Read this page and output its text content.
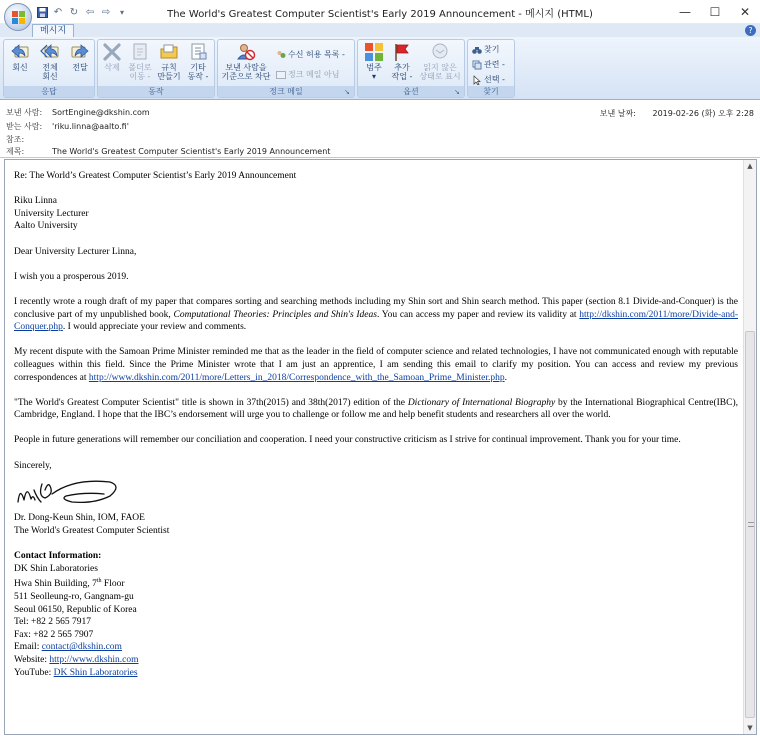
↶ ↻ ⇦ ⇨	▾	The World's Greatest Computer Scientist's Early 2019 Announcement - 메시지 (HTML)	—	☐	✕
메시지	?
회신	전체
회신
전달
응답
삭제	폴더로
이동 -
규칙
만들기
기타
동작 -
동작
보낸 사람을
기준으로 차단
수신 허용 목록 -
정크 메일 아님
정크 메일	↘
범주
▾
추가
작업 -
읽지 않은
상태로 표시
옵션	↘
찾기
관련 -
선택 -
찾기
보낸 사람:	SortEngine@dkshin.com
받는 사람:	'riku.linna@aalto.fi'
참조:
제목:	The World's Greatest Computer Scientist's Early 2019 Announcement
보낸 날짜: 2019-02-26 (화) 오후 2:28

Re: The World’s Greatest Computer Scientist’s Early 2019 Announcement

Riku Linna

University Lecturer

Aalto University

Dear University Lecturer Linna,

I wish you a prosperous 2019.

I recently wrote a rough draft of my paper that compares sorting and searching methods including my Shin sort and Shin search method. This paper (section 8.1 Divide-and-Conquer) is the conclusive part of my unpublished book, Computational Theories: Principles and Shin's Ideas. You can access my paper and review its validity at http://dkshin.com/2011/more/Divide-and-Conquer.php. I would appreciate your review and comments.

My recent dispute with the Samoan Prime Minister reminded me that as the leader in the field of computer science and related technologies, I have not communicated enough with reputable colleagues within this field. Since the Prime Minister wrote that I am just an apprentice, I am sending this email to clarify my position. You can access and review my previous correspondences at http://www.dkshin.com/2011/more/Letters_in_2018/Correspondence_with_the_Samoan_Prime_Minister.php.

"The World's Greatest Computer Scientist" title is shown in 37th(2015) and 38th(2017) edition of the Dictionary of International Biography by the International Biographical Centre(IBC), Cambridge, England. I hope that the IBC’s endorsement will urge you to challenge or follow me and help benefit students and researchers all over the world.

People in future generations will remember our conciliation and cooperation. I need your constructive criticism as I strive for continual improvement. Thank you for your time.

Sincerely,

Dr. Dong-Keun Shin, IOM, FAOE

The World's Greatest Computer Scientist

Contact Information:

DK Shin Laboratories

Hwa Shin Building, 7th Floor

511 Seolleung-ro, Gangnam-gu

Seoul 06150, Republic of Korea

Tel: +82 2 565 7917

Fax: +82 2 565 7907

Email: contact@dkshin.com

Website: http://www.dkshin.com

YouTube: DK Shin Laboratories

▲
▼
